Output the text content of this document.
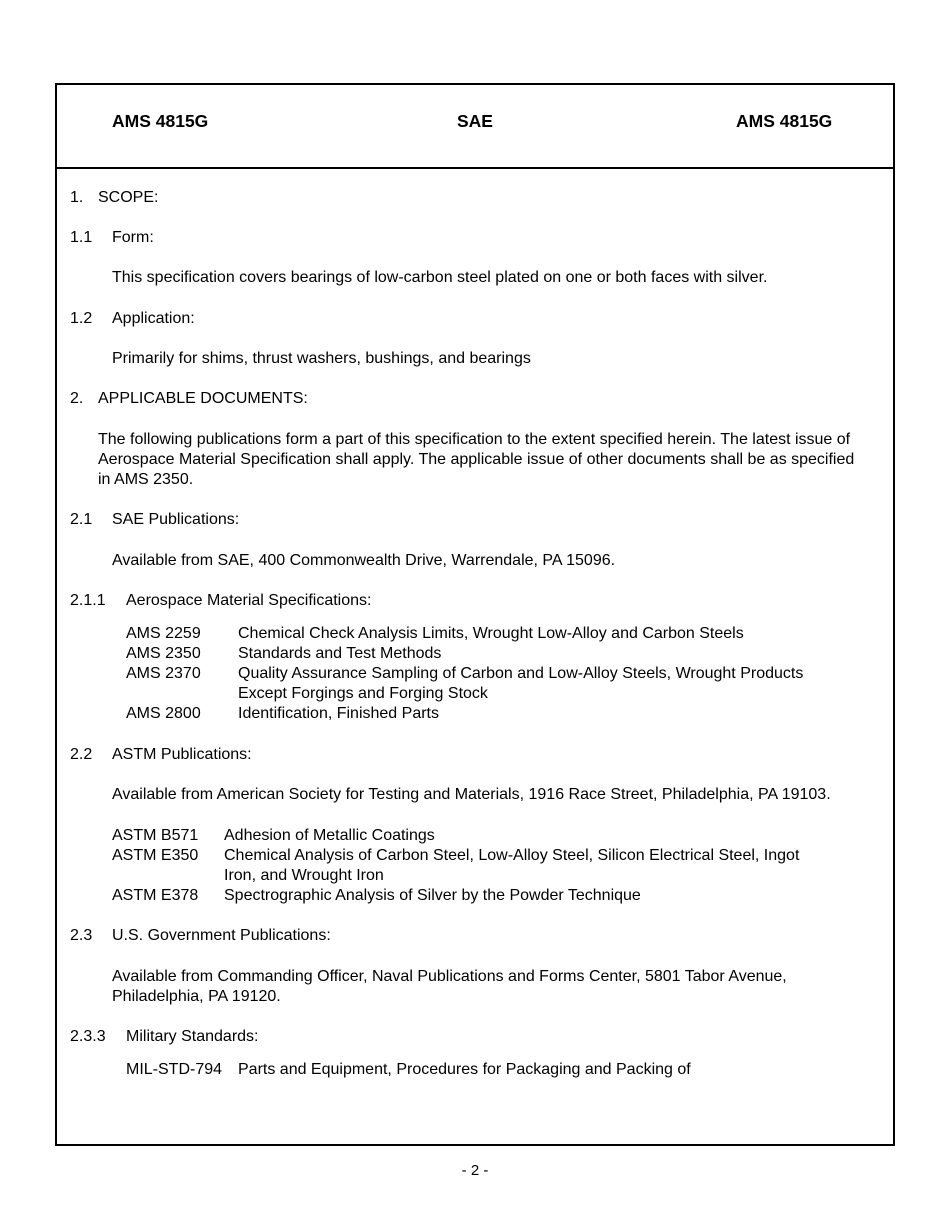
AMS 4815G	SAE	AMS 4815G
1. SCOPE:
1.1 Form:
This specification covers bearings of low-carbon steel plated on one or both faces with silver.
1.2 Application:
Primarily for shims, thrust washers, bushings, and bearings
2. APPLICABLE DOCUMENTS:
The following publications form a part of this specification to the extent specified herein. The latest issue of Aerospace Material Specification shall apply. The applicable issue of other documents shall be as specified in AMS 2350.
2.1 SAE Publications:
Available from SAE, 400 Commonwealth Drive, Warrendale, PA 15096.
2.1.1 Aerospace Material Specifications:
AMS 2259 Chemical Check Analysis Limits, Wrought Low-Alloy and Carbon Steels
AMS 2350 Standards and Test Methods
AMS 2370 Quality Assurance Sampling of Carbon and Low-Alloy Steels, Wrought Products
Except Forgings and Forging Stock
AMS 2800 Identification, Finished Parts
2.2 ASTM Publications:
Available from American Society for Testing and Materials, 1916 Race Street, Philadelphia, PA 19103.
ASTM B571 Adhesion of Metallic Coatings
ASTM E350 Chemical Analysis of Carbon Steel, Low-Alloy Steel, Silicon Electrical Steel, Ingot
Iron, and Wrought Iron
ASTM E378 Spectrographic Analysis of Silver by the Powder Technique
2.3 U.S. Government Publications:
Available from Commanding Officer, Naval Publications and Forms Center, 5801 Tabor Avenue, Philadelphia, PA 19120.
2.3.3 Military Standards:
MIL-STD-794 Parts and Equipment, Procedures for Packaging and Packing of
- 2 -
